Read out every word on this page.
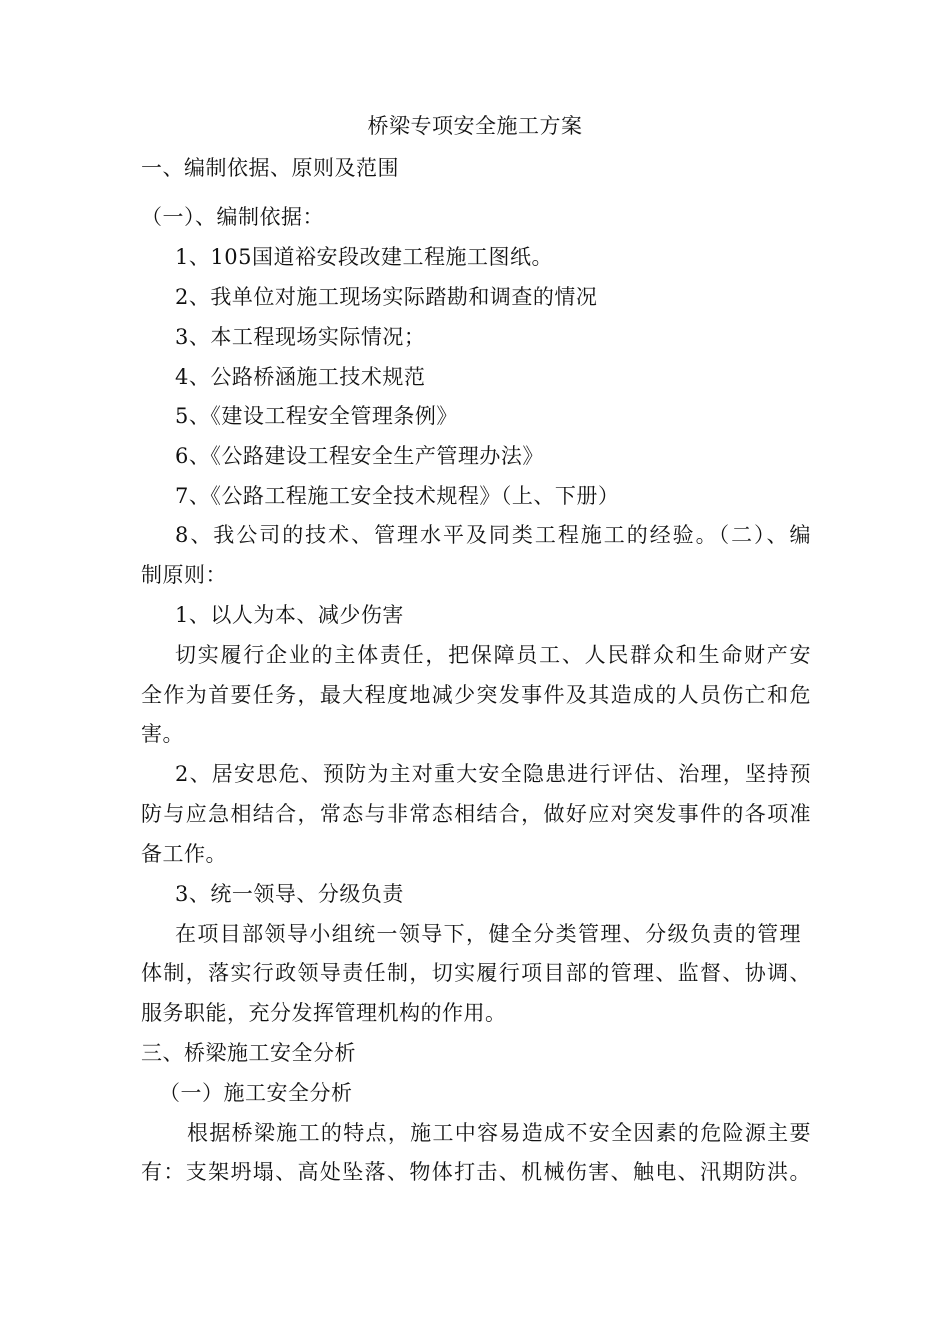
桥梁专项安全施工方案
一、编制依据、原则及范围
（一）、编制依据：
1、105国道裕安段改建工程施工图纸。
2、我单位对施工现场实际踏勘和调查的情况
3、本工程现场实际情况；
4、公路桥涵施工技术规范
5、《建设工程安全管理条例》
6、《公路建设工程安全生产管理办法》
7、《公路工程施工安全技术规程》（上、下册）
8、我公司的技术、管理水平及同类工程施工的经验。（二）、编
制原则：
1、以人为本、减少伤害
切实履行企业的主体责任，把保障员工、人民群众和生命财产安
全作为首要任务，最大程度地减少突发事件及其造成的人员伤亡和危
害。
2、居安思危、预防为主对重大安全隐患进行评估、治理，坚持预
防与应急相结合，常态与非常态相结合，做好应对突发事件的各项准
备工作。
3、统一领导、分级负责
在项目部领导小组统一领导下，健全分类管理、分级负责的管理
体制，落实行政领导责任制，切实履行项目部的管理、监督、协调、
服务职能，充分发挥管理机构的作用。
三、桥梁施工安全分析
（一）施工安全分析
根据桥梁施工的特点，施工中容易造成不安全因素的危险源主要
有：支架坍塌、高处坠落、物体打击、机械伤害、触电、汛期防洪。
